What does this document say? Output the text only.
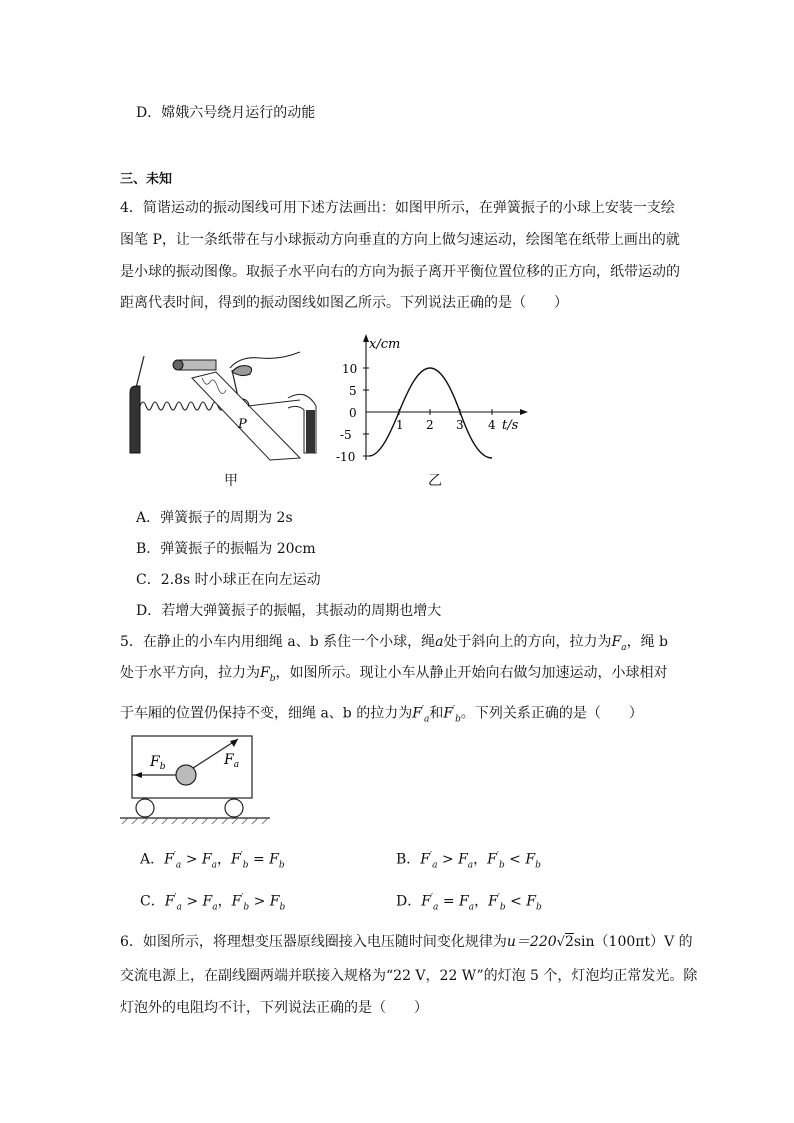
D．嫦娥六号绕月运行的动能
三、未知
4．简谐运动的振动图线可用下述方法画出：如图甲所示，在弹簧振子的小球上安装一支绘
图笔 P，让一条纸带在与小球振动方向垂直的方向上做匀速运动，绘图笔在纸带上画出的就
是小球的振动图像。取振子水平向右的方向为振子离开平衡位置位移的正方向，纸带运动的
距离代表时间，得到的振动图线如图乙所示。下列说法正确的是（　　）
P
甲
x/cm
10
5
0
-5
-10
1 2 3 4 t/s
乙
A．弹簧振子的周期为 2s
B．弹簧振子的振幅为 20cm
C．2.8s 时小球正在向左运动
D．若增大弹簧振子的振幅，其振动的周期也增大
5．在静止的小车内用细绳 a、b 系住一个小球，绳a处于斜向上的方向，拉力为$F_a$，绳 b
处于水平方向，拉力为$F_b$，如图所示。现让小车从静止开始向右做匀加速运动，小球相对
于车厢的位置仍保持不变，细绳 a、b 的拉力为$F'_a$和$F'_b$。下列关系正确的是（　　）
$F_b$	$F_a$
A．$F'_a > F_a$，$F'_b = F_b$	B．$F'_a > F_a$，$F'_b < F_b$
C．$F'_a > F_a$，$F'_b > F_b$	D．$F'_a = F_a$，$F'_b < F_b$
6．如图所示，将理想变压器原线圈接入电压随时间变化规律为u＝220√2sin（100πt）V 的
交流电源上，在副线圈两端并联接入规格为“22 V，22 W”的灯泡 5 个，灯泡均正常发光。除
灯泡外的电阻均不计，下列说法正确的是（　　）
